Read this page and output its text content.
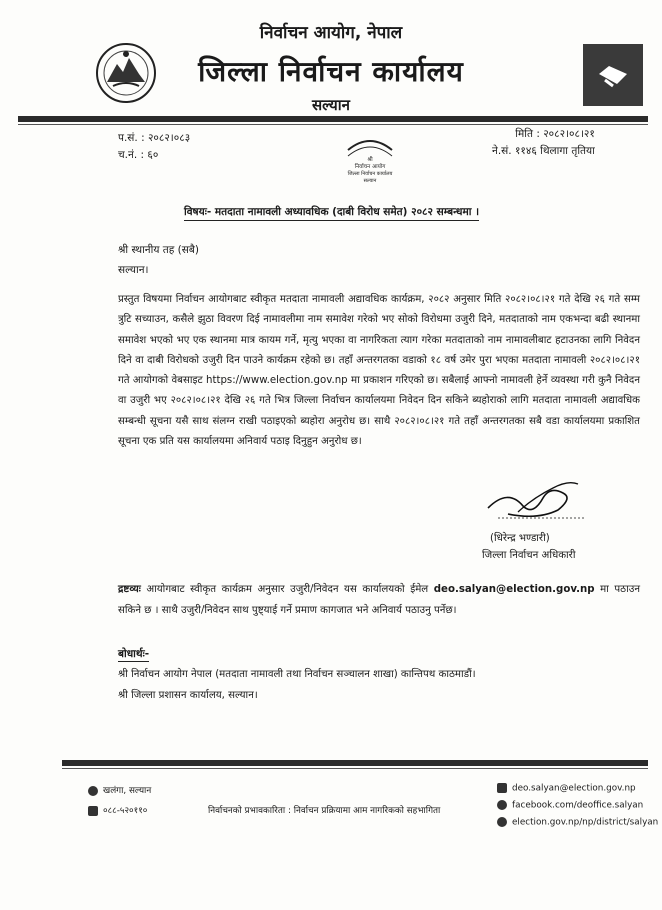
निर्वाचन आयोग, नेपाल
जिल्ला निर्वाचन कार्यालय
सल्यान
प.सं. : २०८२।०८३
च.नं. : ६०	श्री
निर्वाचन आयोग
जिल्ला निर्वाचन कार्यालय
सल्यान
मिति : २०८२।०८।२१
ने.सं. ११४६ थिलागा तृतिया
विषयः- मतदाता नामावली अध्यावधिक (दाबी विरोध समेत) २०८२ सम्बन्धमा ।
श्री स्थानीय तह (सबै)
सल्यान।
प्रस्तुत विषयमा निर्वाचन आयोगबाट स्वीकृत मतदाता नामावली अद्यावधिक कार्यक्रम, २०८२ अनुसार मिति २०८२।०८।२१ गते देखि २६ गते सम्म त्रुटि सच्याउन, कसैले झुठा विवरण दिई नामावलीमा नाम समावेश गरेको भए सोको विरोधमा उजुरी दिने, मतदाताको नाम एकभन्दा बढी स्थानमा समावेश भएको भए एक स्थानमा मात्र कायम गर्ने, मृत्यु भएका वा नागरिकता त्याग गरेका मतदाताको नाम नामावलीबाट हटाउनका लागि निवेदन दिने वा दाबी विरोधको उजुरी दिन पाउने कार्यक्रम रहेको छ। तहाँ अन्तरगतका वडाको १८ वर्ष उमेर पुरा भएका मतदाता नामावली २०८२।०८।२१ गते आयोगको वेबसाइट https://www.election.gov.np मा प्रकाशन गरिएको छ। सबैलाई आफ्नो नामावली हेर्ने व्यवस्था गरी कुनै निवेदन वा उजुरी भए २०८२।०८।२१ देखि २६ गते भित्र जिल्ला निर्वाचन कार्यालयमा निवेदन दिन सकिने ब्यहोराको लागि मतदाता नामावली अद्यावधिक सम्बन्धी सूचना यसै साथ संलग्न राखी पठाइएको ब्यहोरा अनुरोध छ। साथै २०८२।०८।२१ गते तहाँ अन्तरगतका सबै वडा कार्यालयमा प्रकाशित सूचना एक प्रति यस कार्यालयमा अनिवार्य पठाइ दिनुहुन अनुरोध छ।
(धिरेन्द्र भण्डारी)
जिल्ला निर्वाचन अधिकारी
द्रष्टव्यः आयोगबाट स्वीकृत कार्यक्रम अनुसार उजुरी/निवेदन यस कार्यालयको ईमेल deo.salyan@election.gov.np मा पठाउन सकिने छ । साथै उजुरी/निवेदन साथ पुष्ट्याई गर्ने प्रमाण कागजात भने अनिवार्य पठाउनु पर्नेछ।
बोधार्थः-
श्री निर्वाचन आयोग नेपाल (मतदाता नामावली तथा निर्वाचन सञ्चालन शाखा) कान्तिपथ काठमाडौं।
श्री जिल्ला प्रशासन कार्यालय, सल्यान।
खलंगा, सल्यान
०८८-५२०११०	निर्वाचनको प्रभावकारिता : निर्वाचन प्रक्रियामा आम नागरिकको सहभागिता
deo.salyan@election.gov.np
facebook.com/deoffice.salyan
election.gov.np/np/district/salyan
